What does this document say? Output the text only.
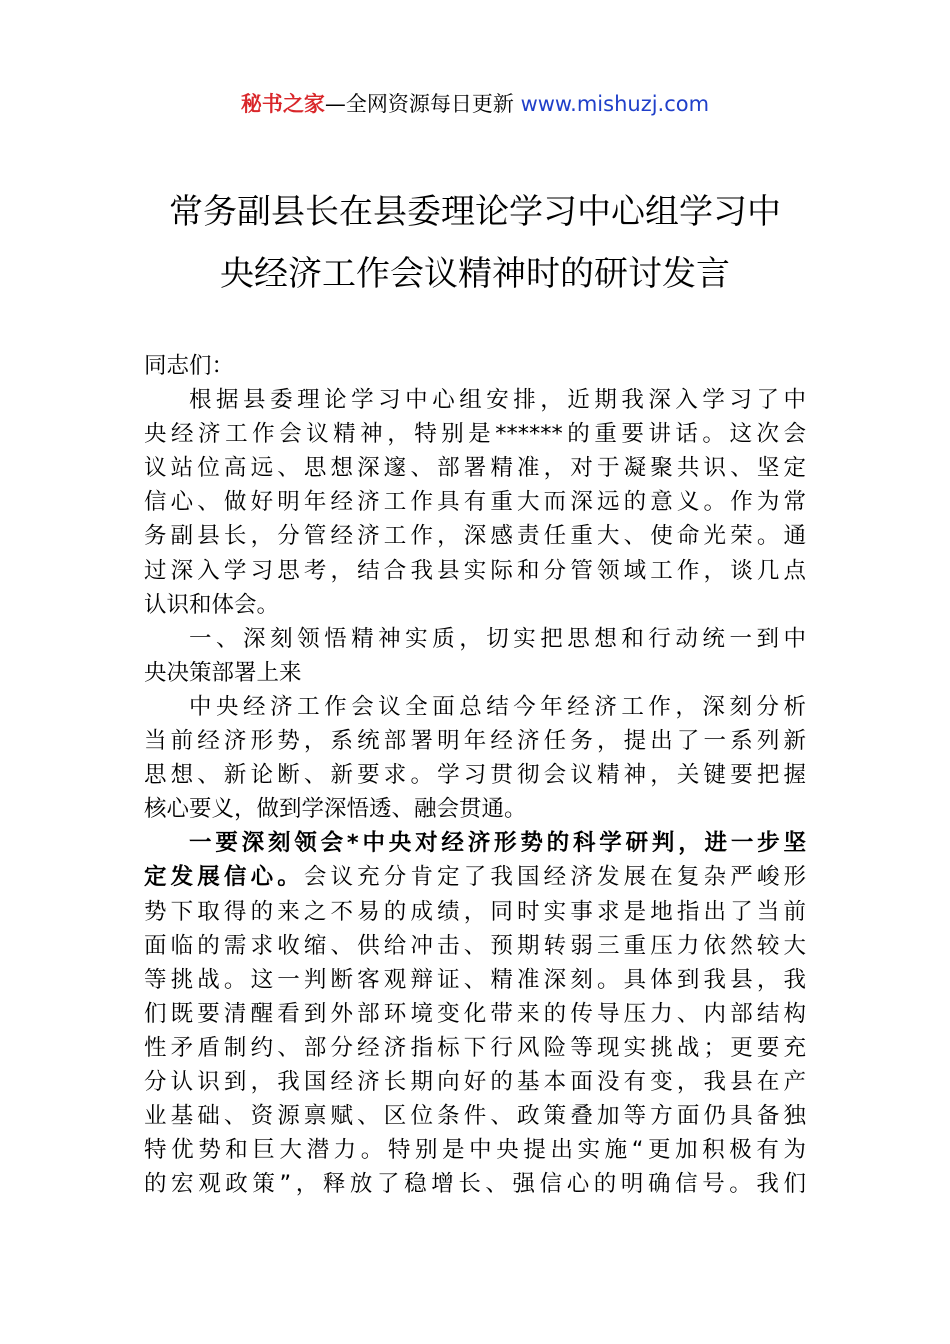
秘书之家—全网资源每日更新 www.mishuzj.com
常务副县长在县委理论学习中心组学习中
央经济工作会议精神时的研讨发言
同志们：
根据县委理论学习中心组安排，近期我深入学习了中
央经济工作会议精神，特别是******的重要讲话。这次会
议站位高远、思想深邃、部署精准，对于凝聚共识、坚定
信心、做好明年经济工作具有重大而深远的意义。作为常
务副县长，分管经济工作，深感责任重大、使命光荣。通
过深入学习思考，结合我县实际和分管领域工作，谈几点
认识和体会。
一、深刻领悟精神实质，切实把思想和行动统一到中
央决策部署上来
中央经济工作会议全面总结今年经济工作，深刻分析
当前经济形势，系统部署明年经济任务，提出了一系列新
思想、新论断、新要求。学习贯彻会议精神，关键要把握
核心要义，做到学深悟透、融会贯通。
一要深刻领会*中央对经济形势的科学研判，进一步坚
定发展信心。会议充分肯定了我国经济发展在复杂严峻形
势下取得的来之不易的成绩，同时实事求是地指出了当前
面临的需求收缩、供给冲击、预期转弱三重压力依然较大
等挑战。这一判断客观辩证、精准深刻。具体到我县，我
们既要清醒看到外部环境变化带来的传导压力、内部结构
性矛盾制约、部分经济指标下行风险等现实挑战；更要充
分认识到，我国经济长期向好的基本面没有变，我县在产
业基础、资源禀赋、区位条件、政策叠加等方面仍具备独
特优势和巨大潜力。特别是中央提出实施“更加积极有为
的宏观政策”，释放了稳增长、强信心的明确信号。我们
